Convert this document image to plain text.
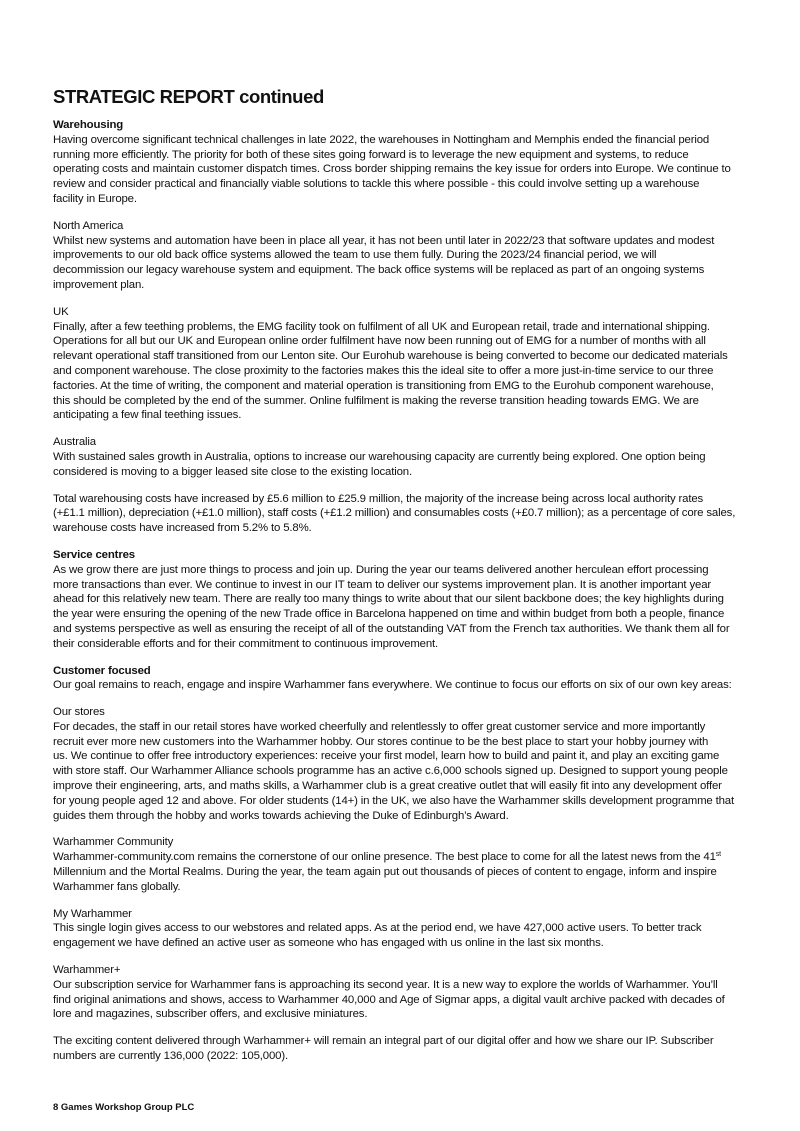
STRATEGIC REPORT continued
Warehousing
Having overcome significant technical challenges in late 2022, the warehouses in Nottingham and Memphis ended the financial period
running more efficiently. The priority for both of these sites going forward is to leverage the new equipment and systems, to reduce
operating costs and maintain customer dispatch times. Cross border shipping remains the key issue for orders into Europe. We continue to
review and consider practical and financially viable solutions to tackle this where possible - this could involve setting up a warehouse
facility in Europe.
North America
Whilst new systems and automation have been in place all year, it has not been until later in 2022/23 that software updates and modest
improvements to our old back office systems allowed the team to use them fully. During the 2023/24 financial period, we will
decommission our legacy warehouse system and equipment. The back office systems will be replaced as part of an ongoing systems
improvement plan.
UK
Finally, after a few teething problems, the EMG facility took on fulfilment of all UK and European retail, trade and international shipping.
Operations for all but our UK and European online order fulfilment have now been running out of EMG for a number of months with all
relevant operational staff transitioned from our Lenton site. Our Eurohub warehouse is being converted to become our dedicated materials
and component warehouse. The close proximity to the factories makes this the ideal site to offer a more just-in-time service to our three
factories. At the time of writing, the component and material operation is transitioning from EMG to the Eurohub component warehouse,
this should be completed by the end of the summer. Online fulfilment is making the reverse transition heading towards EMG. We are
anticipating a few final teething issues.
Australia
With sustained sales growth in Australia, options to increase our warehousing capacity are currently being explored. One option being
considered is moving to a bigger leased site close to the existing location.
Total warehousing costs have increased by £5.6 million to £25.9 million, the majority of the increase being across local authority rates
(+£1.1 million), depreciation (+£1.0 million), staff costs (+£1.2 million) and consumables costs (+£0.7 million); as a percentage of core sales,
warehouse costs have increased from 5.2% to 5.8%.
Service centres
As we grow there are just more things to process and join up. During the year our teams delivered another herculean effort processing
more transactions than ever. We continue to invest in our IT team to deliver our systems improvement plan. It is another important year
ahead for this relatively new team. There are really too many things to write about that our silent backbone does; the key highlights during
the year were ensuring the opening of the new Trade office in Barcelona happened on time and within budget from both a people, finance
and systems perspective as well as ensuring the receipt of all of the outstanding VAT from the French tax authorities. We thank them all for
their considerable efforts and for their commitment to continuous improvement.
Customer focused
Our goal remains to reach, engage and inspire Warhammer fans everywhere. We continue to focus our efforts on six of our own key areas:
Our stores
For decades, the staff in our retail stores have worked cheerfully and relentlessly to offer great customer service and more importantly
recruit ever more new customers into the Warhammer hobby. Our stores continue to be the best place to start your hobby journey with
us. We continue to offer free introductory experiences: receive your first model, learn how to build and paint it, and play an exciting game
with store staff. Our Warhammer Alliance schools programme has an active c.6,000 schools signed up. Designed to support young people
improve their engineering, arts, and maths skills, a Warhammer club is a great creative outlet that will easily fit into any development offer
for young people aged 12 and above. For older students (14+) in the UK, we also have the Warhammer skills development programme that
guides them through the hobby and works towards achieving the Duke of Edinburgh’s Award.
Warhammer Community
Warhammer-community.com remains the cornerstone of our online presence. The best place to come for all the latest news from the 41st
Millennium and the Mortal Realms. During the year, the team again put out thousands of pieces of content to engage, inform and inspire
Warhammer fans globally.
My Warhammer
This single login gives access to our webstores and related apps. As at the period end, we have 427,000 active users. To better track
engagement we have defined an active user as someone who has engaged with us online in the last six months.
Warhammer+
Our subscription service for Warhammer fans is approaching its second year. It is a new way to explore the worlds of Warhammer. You’ll
find original animations and shows, access to Warhammer 40,000 and Age of Sigmar apps, a digital vault archive packed with decades of
lore and magazines, subscriber offers, and exclusive miniatures.
The exciting content delivered through Warhammer+ will remain an integral part of our digital offer and how we share our IP. Subscriber
numbers are currently 136,000 (2022: 105,000).
8 Games Workshop Group PLC
